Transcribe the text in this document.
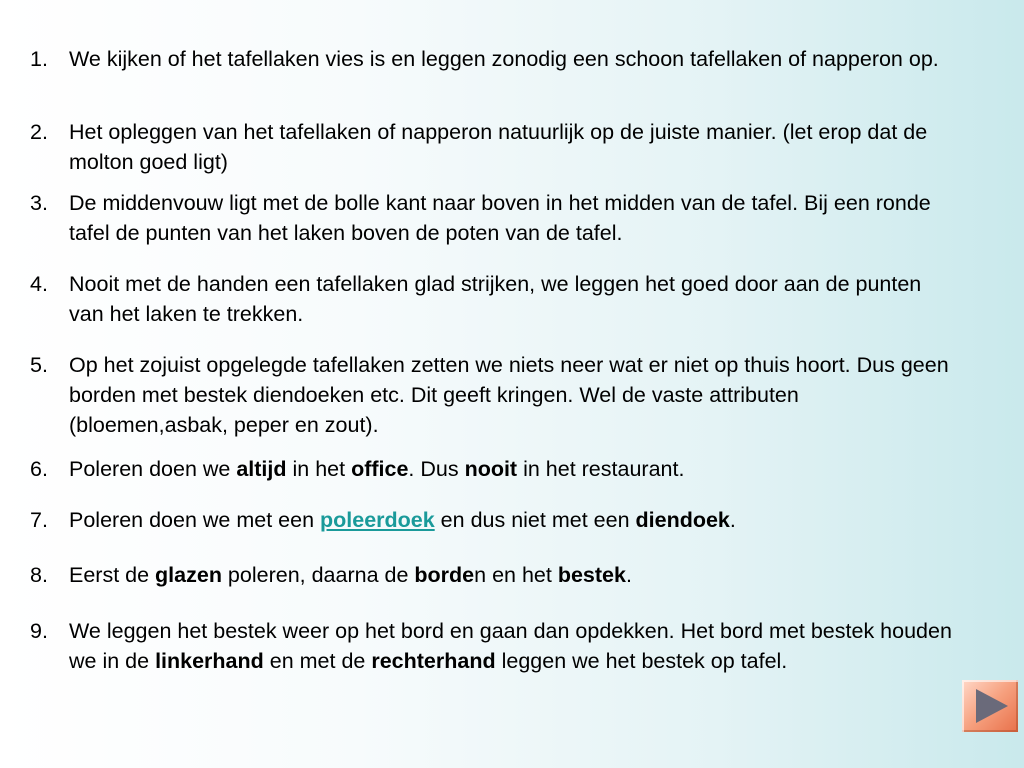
1. We kijken of het tafellaken vies is en leggen zonodig een schoon tafellaken of napperon op.
2. Het opleggen van het tafellaken of napperon natuurlijk op de juiste manier. (let erop dat de molton goed ligt)
3. De middenvouw ligt met de bolle kant naar boven in het midden van de tafel. Bij een ronde tafel de punten van het laken boven de poten van de tafel.
4. Nooit met de handen een tafellaken glad strijken, we leggen het goed door aan de punten van het laken te trekken.
5. Op het zojuist opgelegde tafellaken zetten we niets neer wat er niet op thuis hoort. Dus geen borden met bestek diendoeken etc. Dit geeft kringen. Wel de vaste attributen (bloemen,asbak, peper en zout).
6. Poleren doen we altijd in het office. Dus nooit in het restaurant.
7. Poleren doen we met een poleerdoek en dus niet met een diendoek.
8. Eerst de glazen poleren, daarna de borden en het bestek.
9. We leggen het bestek weer op het bord en gaan dan opdekken. Het bord met bestek houden we in de linkerhand en met de rechterhand leggen we het bestek op tafel.
